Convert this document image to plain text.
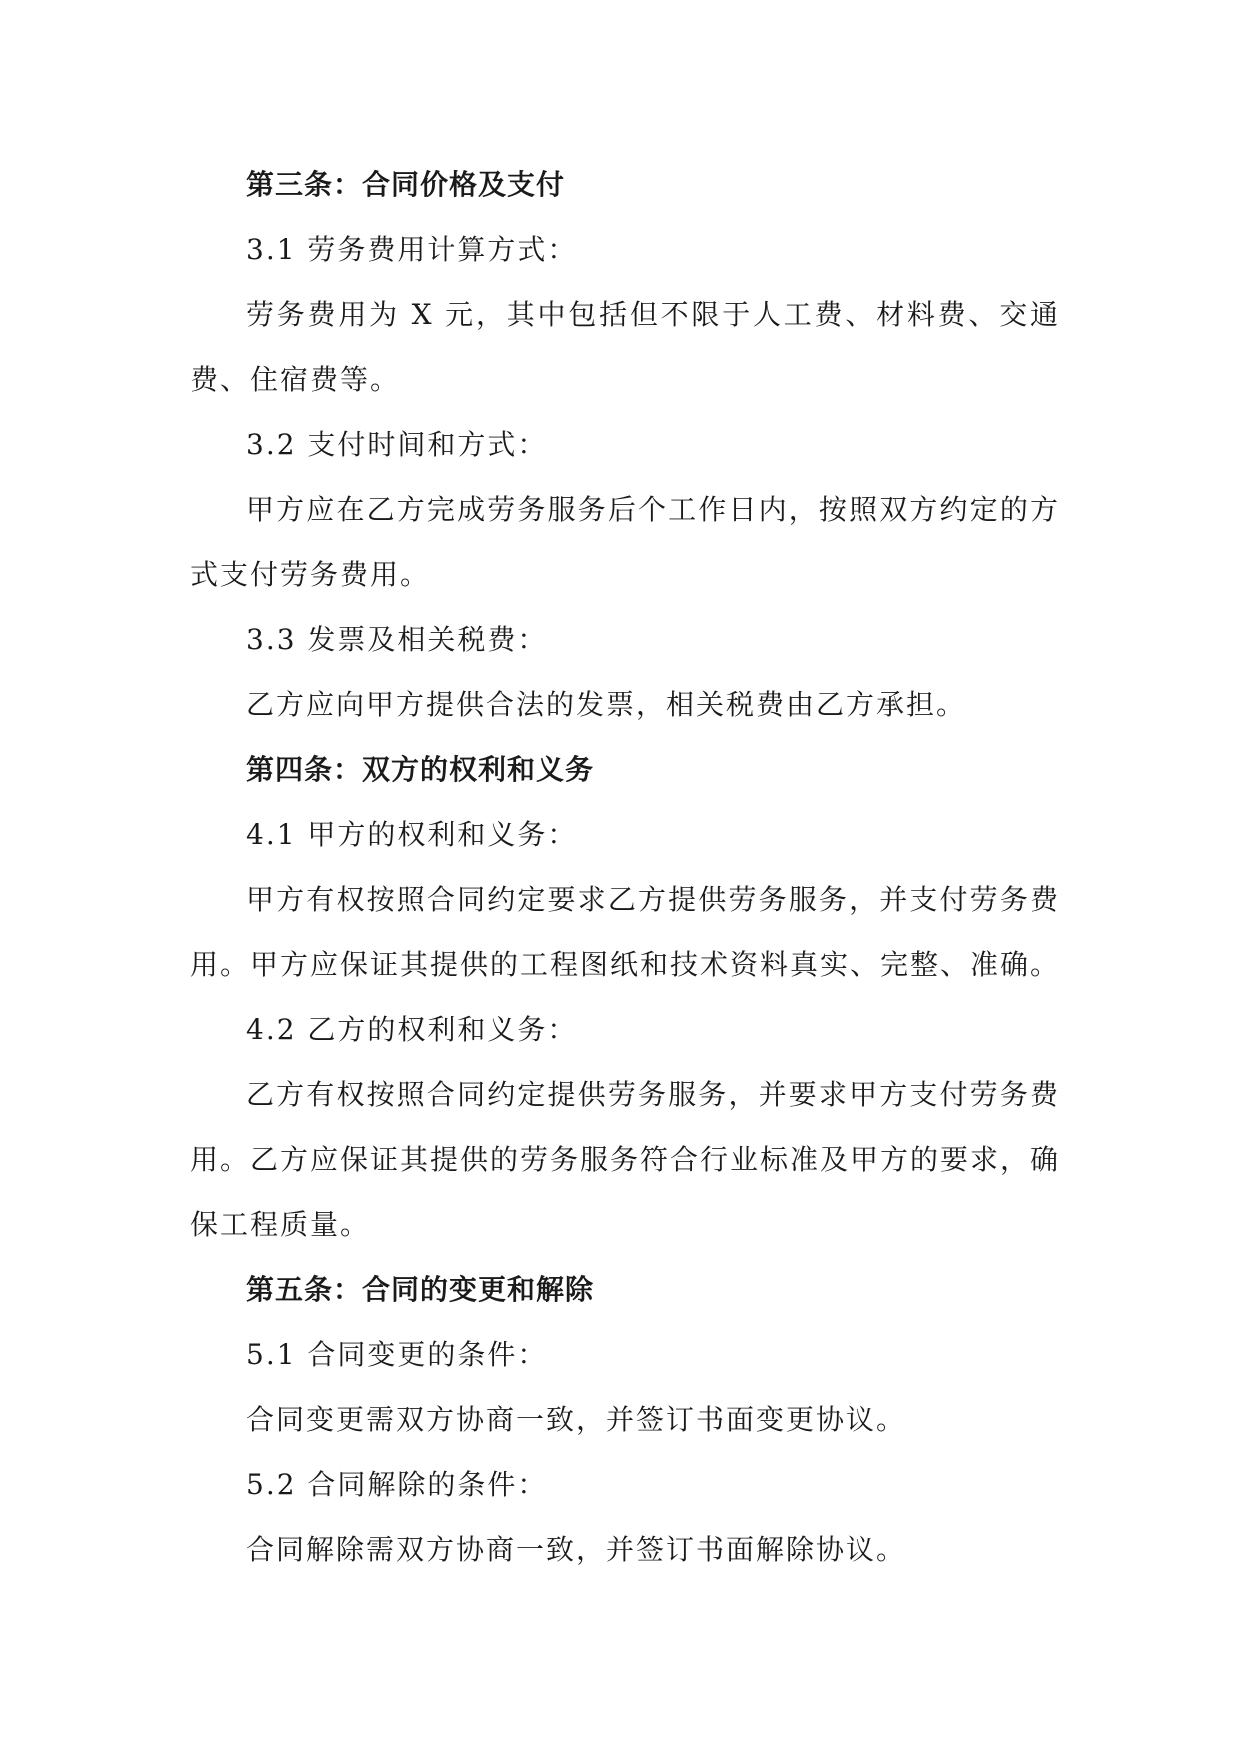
第三条：合同价格及支付
3.1 劳务费用计算方式：
劳务费用为 X 元，其中包括但不限于人工费、材料费、交通费、住宿费等。
3.2 支付时间和方式：
甲方应在乙方完成劳务服务后个工作日内，按照双方约定的方式支付劳务费用。
3.3 发票及相关税费：
乙方应向甲方提供合法的发票，相关税费由乙方承担。
第四条：双方的权利和义务
4.1 甲方的权利和义务：
甲方有权按照合同约定要求乙方提供劳务服务，并支付劳务费用。甲方应保证其提供的工程图纸和技术资料真实、完整、准确。
4.2 乙方的权利和义务：
乙方有权按照合同约定提供劳务服务，并要求甲方支付劳务费用。乙方应保证其提供的劳务服务符合行业标准及甲方的要求，确保工程质量。
第五条：合同的变更和解除
5.1 合同变更的条件：
合同变更需双方协商一致，并签订书面变更协议。
5.2 合同解除的条件：
合同解除需双方协商一致，并签订书面解除协议。
